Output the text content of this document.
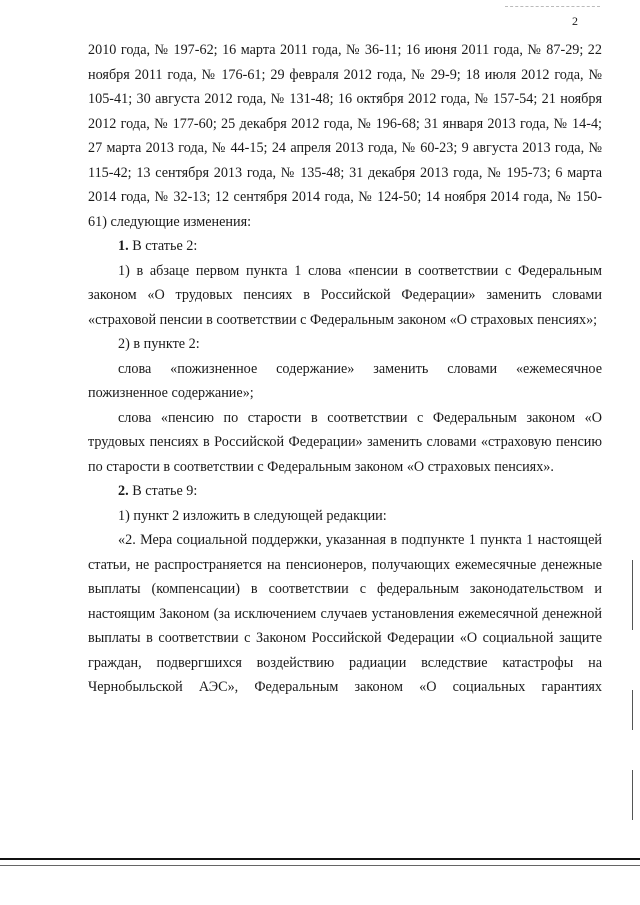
2

2010 года, № 197-62; 16 марта 2011 года, № 36-11; 16 июня 2011 года, № 87-29; 22 ноября 2011 года, № 176-61; 29 февраля 2012 года, № 29-9; 18 июля 2012 года, № 105-41; 30 августа 2012 года, № 131-48; 16 октября 2012 года, № 157-54; 21 ноября 2012 года, № 177-60; 25 декабря 2012 года, № 196-68; 31 января 2013 года, № 14-4; 27 марта 2013 года, № 44-15; 24 апреля 2013 года, № 60-23; 9 августа 2013 года, № 115-42; 13 сентября 2013 года, № 135-48; 31 декабря 2013 года, № 195-73; 6 марта 2014 года, № 32-13; 12 сентября 2014 года, № 124-50; 14 ноября 2014 года, № 150-61) следующие изменения:

1. В статье 2:

1) в абзаце первом пункта 1 слова «пенсии в соответствии с Федеральным законом «О трудовых пенсиях в Российской Федерации» заменить словами «страховой пенсии в соответствии с Федеральным законом «О страховых пенсиях»;

2) в пункте 2:

слова «пожизненное содержание» заменить словами «ежемесячное пожизненное содержание»;

слова «пенсию по старости в соответствии с Федеральным законом «О трудовых пенсиях в Российской Федерации» заменить словами «страховую пенсию по старости в соответствии с Федеральным законом «О страховых пенсиях».

2. В статье 9:

1) пункт 2 изложить в следующей редакции:

«2. Мера социальной поддержки, указанная в подпункте 1 пункта 1 настоящей статьи, не распространяется на пенсионеров, получающих ежемесячные денежные выплаты (компенсации) в соответствии с федеральным законодательством и настоящим Законом (за исключением случаев установления ежемесячной денежной выплаты в соответствии с Законом Российской Федерации «О социальной защите граждан, подвергшихся воздействию радиации вследствие катастрофы на Чернобыльской АЭС», Федеральным законом «О социальных гарантиях
